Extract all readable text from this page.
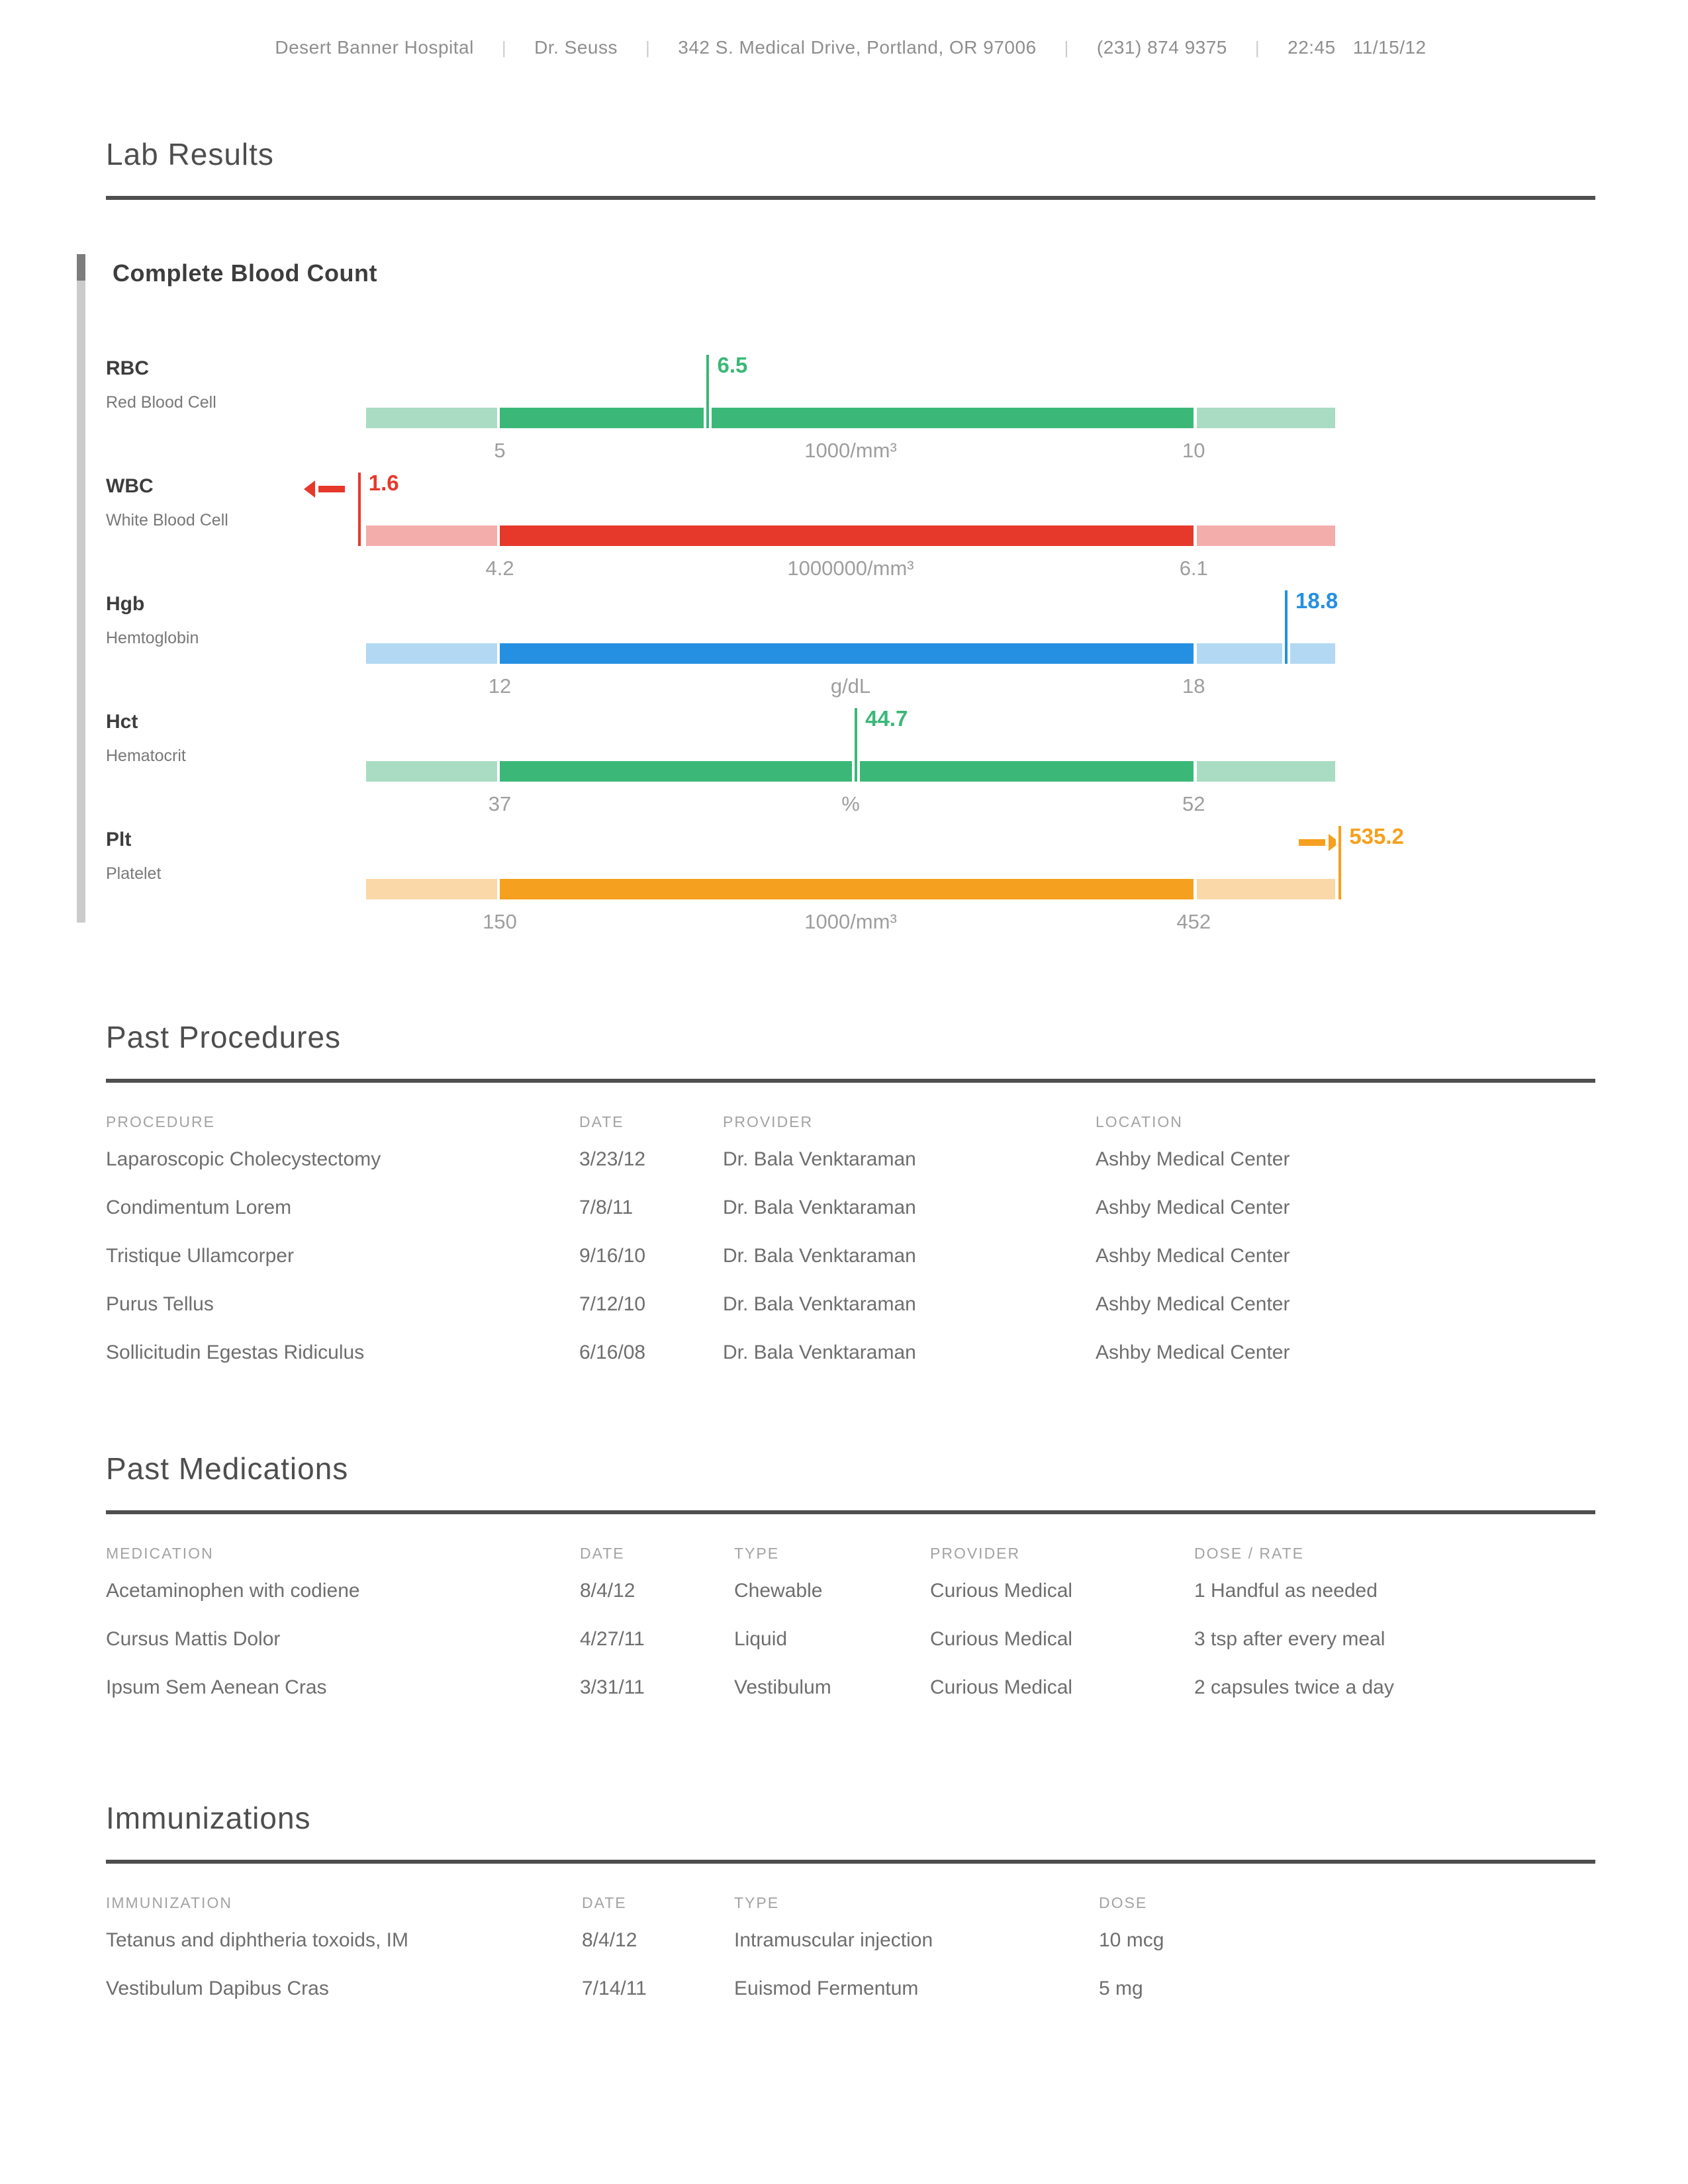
Desert Banner Hospital | Dr. Seuss | 342 S. Medical Drive, Portland, OR 97006 | (231) 874 9375 | 22:45 11/15/12
Lab Results
Complete Blood Count
RBC
Red Blood Cell
6.5
5	1000/mm³	10
WBC
White Blood Cell
1.6
4.2	1000000/mm³	6.1
Hgb
Hemtoglobin
18.8
12	g/dL	18
Hct
Hematocrit
44.7
37	%	52
Plt
Platelet
535.2
150	1000/mm³	452
Past Procedures
PROCEDURE	DATE	PROVIDER	LOCATION
Laparoscopic Cholecystectomy	3/23/12	Dr. Bala Venktaraman	Ashby Medical Center
Condimentum Lorem	7/8/11	Dr. Bala Venktaraman	Ashby Medical Center
Tristique Ullamcorper	9/16/10	Dr. Bala Venktaraman	Ashby Medical Center
Purus Tellus	7/12/10	Dr. Bala Venktaraman	Ashby Medical Center
Sollicitudin Egestas Ridiculus	6/16/08	Dr. Bala Venktaraman	Ashby Medical Center
Past Medications
MEDICATION	DATE	TYPE	PROVIDER	DOSE / RATE
Acetaminophen with codiene	8/4/12	Chewable	Curious Medical	1 Handful as needed
Cursus Mattis Dolor	4/27/11	Liquid	Curious Medical	3 tsp after every meal
Ipsum Sem Aenean Cras	3/31/11	Vestibulum	Curious Medical	2 capsules twice a day
Immunizations
IMMUNIZATION	DATE	TYPE	DOSE
Tetanus and diphtheria toxoids, IM	8/4/12	Intramuscular injection	10 mcg
Vestibulum Dapibus Cras	7/14/11	Euismod Fermentum	5 mg
